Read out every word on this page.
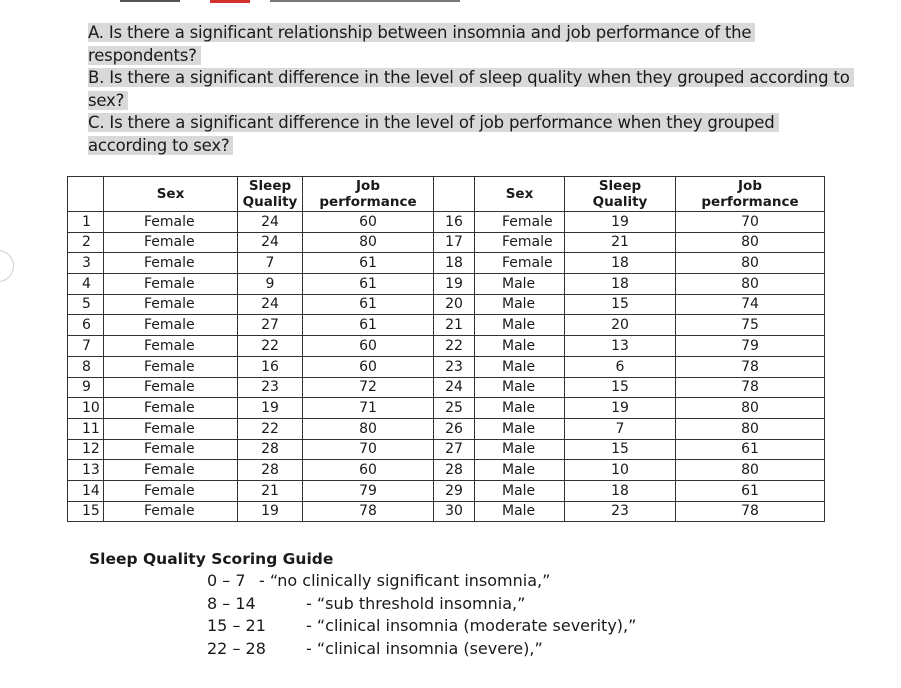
A. Is there a significant relationship between insomnia and job performance of the
respondents?
B. Is there a significant difference in the level of sleep quality when they grouped according to
sex?
C. Is there a significant difference in the level of job performance when they grouped
according to sex?
	Sex	Sleep
Quality	Job
performance		Sex	Sleep
Quality	Job
performance
1	Female	24	60	16	Female	19	70
2	Female	24	80	17	Female	21	80
3	Female	7	61	18	Female	18	80
4	Female	9	61	19	Male	18	80
5	Female	24	61	20	Male	15	74
6	Female	27	61	21	Male	20	75
7	Female	22	60	22	Male	13	79
8	Female	16	60	23	Male	6	78
9	Female	23	72	24	Male	15	78
10	Female	19	71	25	Male	19	80
11	Female	22	80	26	Male	7	80
12	Female	28	70	27	Male	15	61
13	Female	28	60	28	Male	10	80
14	Female	21	79	29	Male	18	61
15	Female	19	78	30	Male	23	78
Sleep Quality Scoring Guide
0 – 7 - “no clinically significant insomnia,”
8 – 14	- “sub threshold insomnia,”
15 – 21	- “clinical insomnia (moderate severity),”
22 – 28	- “clinical insomnia (severe),”
